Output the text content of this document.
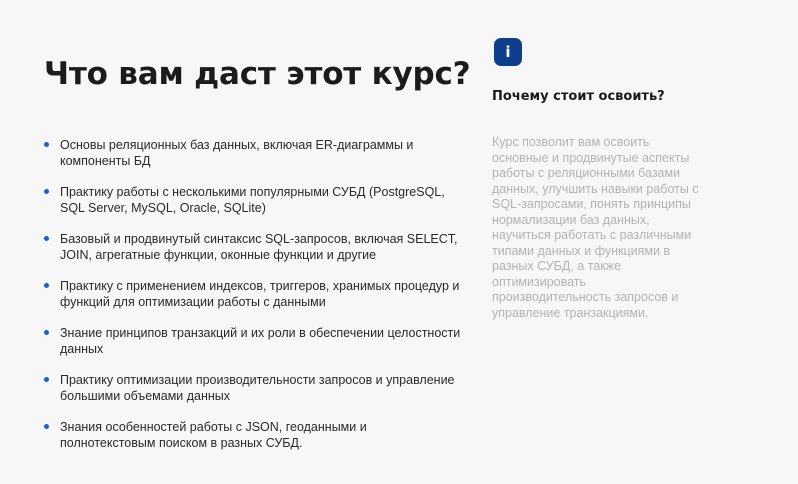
Что вам даст этот курс?
Основы реляционных баз данных, включая ER-диаграммы и компоненты БД
Практику работы с несколькими популярными СУБД (PostgreSQL, SQL Server, MySQL, Oracle, SQLite)
Базовый и продвинутый синтаксис SQL-запросов, включая SELECT, JOIN, агрегатные функции, оконные функции и другие
Практику с применением индексов, триггеров, хранимых процедур и функций для оптимизации работы с данными
Знание принципов транзакций и их роли в обеспечении целостности данных
Практику оптимизации производительности запросов и управление большими объемами данных
Знания особенностей работы с JSON, геоданными и полнотекстовым поиском в разных СУБД.
i
Почему стоит освоить?

Курс позволит вам освоить основные и продвинутые аспекты работы с реляционными базами данных, улучшить навыки работы с SQL-запросами, понять принципы нормализации баз данных, научиться работать с различными типами данных и функциями в разных СУБД, а также оптимизировать производительность запросов и управление транзакциями.
